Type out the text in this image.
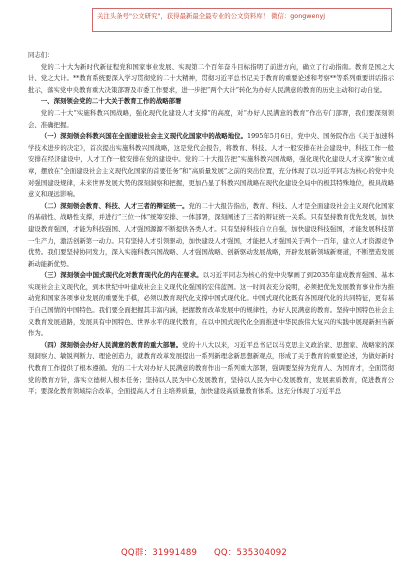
关注头条号"公文研究"，获得最新最全最专业的公文资料库！ 微信：gongwenyj

同志们：

党的二十大为新时代新征程党和国家事业发展、实现第二个百年奋斗目标指明了前进方向，确立了行动指南。教育是国之大计、党之大计。**教育系统要深入学习贯彻党的二十大精神，贯彻习近平总书记关于教育的重要论述和考察**等系列重要讲话指示批示，落实党中央教育重大决策部署及市委工作要求，进一步把“两个大计”转化为办好人民满意的教育的历史主动和行动自觉。

一、深刻领会党的二十大关于教育工作的战略部署

党的二十大“实施科教兴国战略，强化现代化建设人才支撑”的高度，对“办好人民满意的教育”作出专门部署，我们要深刻领会、准确把握。

（一）深刻领会科教兴国在全面建设社会主义现代化国家中的战略地位。1995年5月6日，党中央、国务院作出《关于加速科学技术进步的决定》，首次提出实施科教兴国战略，这是党代会报告，将教育、科技、人才一般安排在社会建设中，科技工作一般安排在经济建设中，人才工作一般安排在党的建设中。党的二十大报告把“实施科教兴国战略，强化现代化建设人才支撑”独立成章，摆放在“全面建设社会主义现代化国家的首要任务”和“高质量发展”之前的突出位置，充分体现了以习近平同志为核心的党中央对强国建设规律，未来世界发展大势的深刻洞察和把握，更加凸显了科教兴国战略在现代化建设全局中的极其特殊地位，极具战略意义和现远影响。

（二）深刻领会教育、科技、人才三者的辩证统一。党的二十大报告指出，教育、科技、人才是全面建设社会主义现代化国家的基础性、战略性支撑，并进行“三位一体”统筹安排、一体部署，深刻阐述了三者的辩证统一关系。只有坚持教育优先发展，加快建设教育强国，才能为科技强国、人才强国源源不断提供各类人才。只有坚持科技自立自强，加快建设科技强国，才能发展科技第一生产力，激活创新第一动力。只有坚持人才引领驱动，加快建设人才强国，才能把人才强国关于两个一百年，建立人才资源竞争优势。我们要坚持协同发力，深入实施科教兴国战略、人才强国战略、创新驱动发展战略，开辟发展新领域新赛道，不断塑造发展新动能新优势。

（三）深刻领会中国式现代化对教育现代化的内在要求。以习近平同志为核心的党中央擘画了到2035年建成教育强国、基本实现社会主义现代化，到本世纪中叶建成社会主义现代化强国的宏伟蓝图。这一时间表充分说明，必须把优先发展教育事业作为推动党和国家各项事业发展的重要先手棋，必须以教育现代化支撑中国式现代化。中国式现代化既有各国现代化的共同特征，更有基于自己国情的中国特色。我们要全面把握其丰富内涵，把握教育改革发展中的规律性，办好人民满意的教育。坚持中国特色社会主义教育发展道路，发展具有中国特色、世界水平的现代教育，在以中国式现代化全面推进中华民族伟大复兴的实践中展现新担当新作为。

（四）深刻领会办好人民满意的教育的重大部署。党的十八大以来，习近平总书记以马克思主义政治家、思想家、战略家的深刻洞察力、敏锐判断力、理论创造力，就教育改革发展提出一系列新理念新思想新观点，形成了关于教育的重要论述，为做好新时代教育工作提供了根本遵循。党的二十大对办好人民满意的教育作出一系列重大部署，强调要坚持为党育人、为国育才，全面贯彻党的教育方针，落实立德树人根本任务；坚持以人民为中心发展教育，坚持以人民为中心发展教育，发展素质教育，促进教育公平；要深化教育领域综合改革，全面提高人才自主培养质量，加快建设高质量教育体系。这充分体现了习近平总

QQ群：31991489 QQ：535304092
